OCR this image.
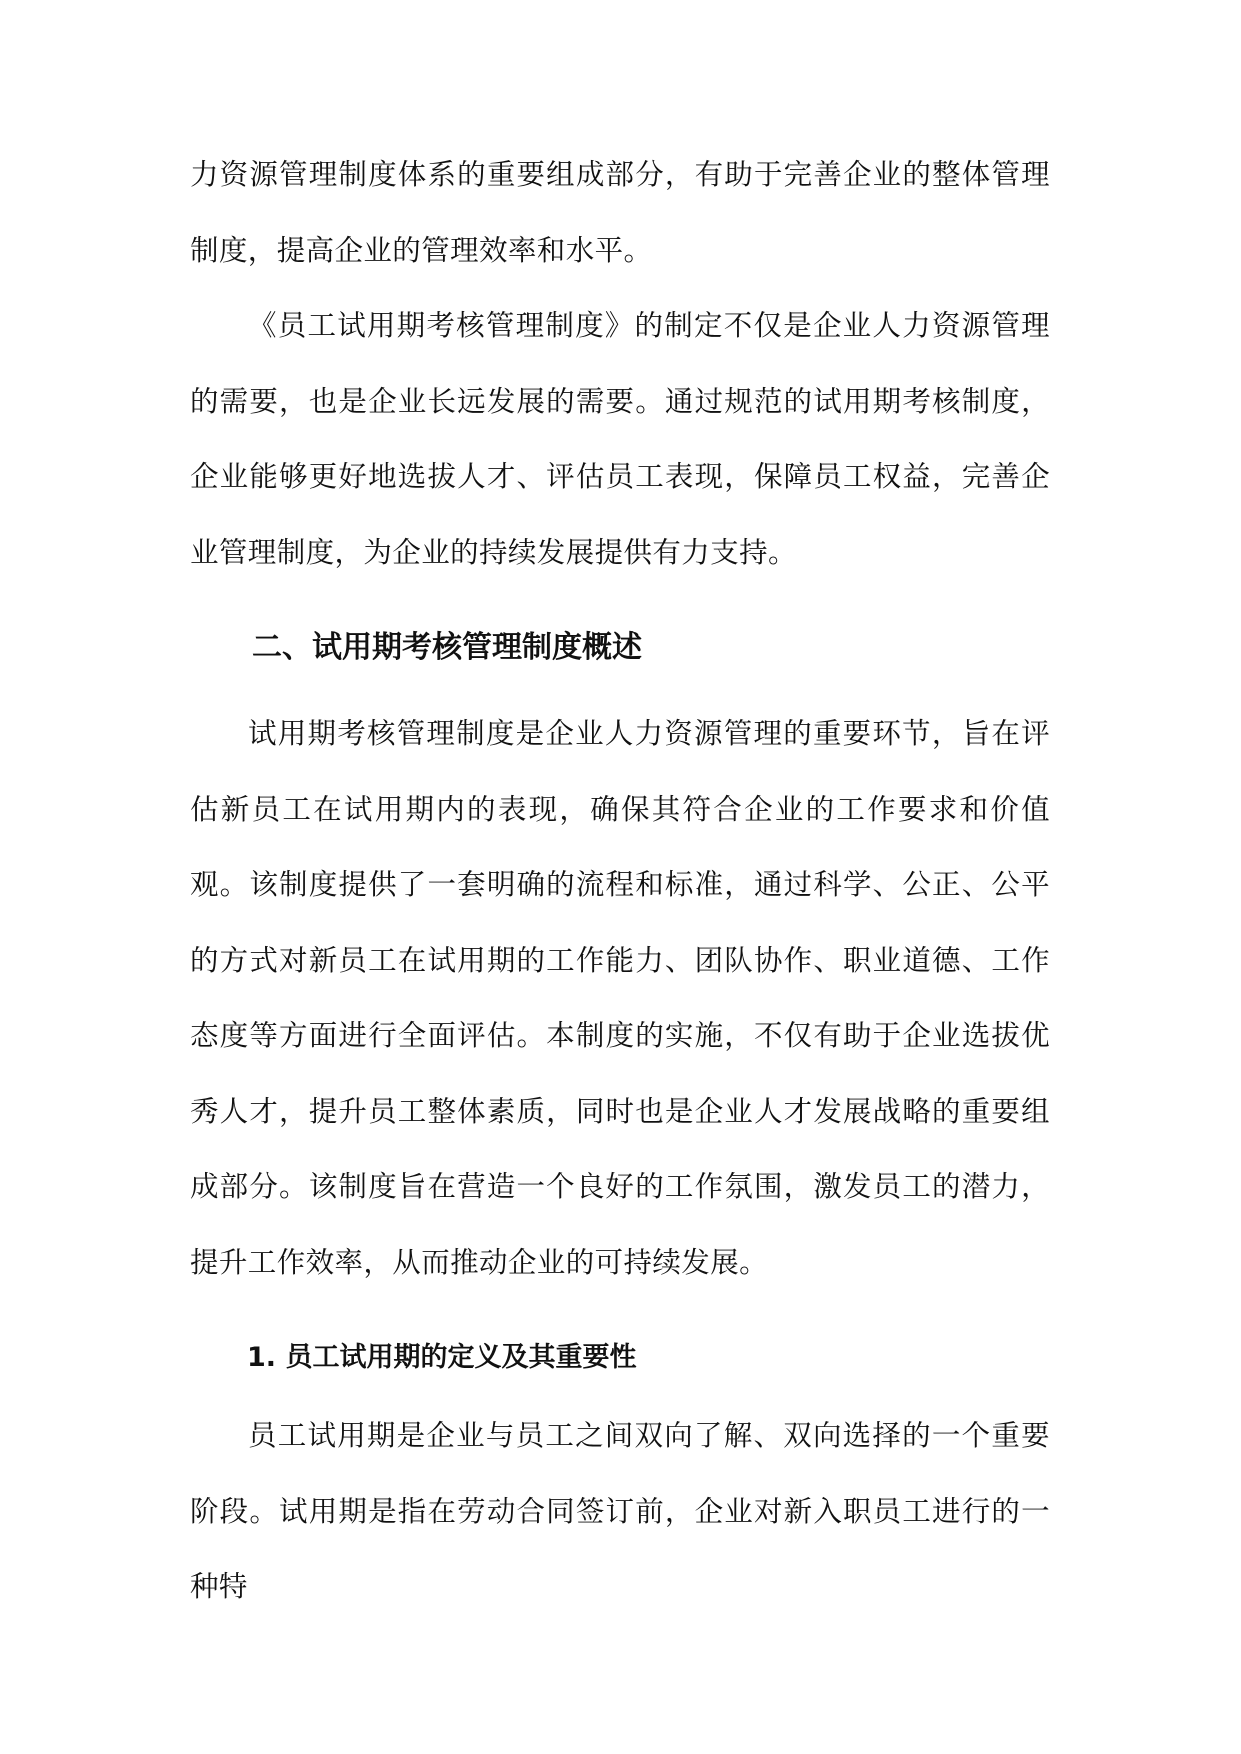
力资源管理制度体系的重要组成部分，有助于完善企业的整体管理制度，提高企业的管理效率和水平。

《员工试用期考核管理制度》的制定不仅是企业人力资源管理的需要，也是企业长远发展的需要。通过规范的试用期考核制度，企业能够更好地选拔人才、评估员工表现，保障员工权益，完善企业管理制度，为企业的持续发展提供有力支持。

二、试用期考核管理制度概述

试用期考核管理制度是企业人力资源管理的重要环节，旨在评估新员工在试用期内的表现，确保其符合企业的工作要求和价值观。该制度提供了一套明确的流程和标准，通过科学、公正、公平的方式对新员工在试用期的工作能力、团队协作、职业道德、工作态度等方面进行全面评估。本制度的实施，不仅有助于企业选拔优秀人才，提升员工整体素质，同时也是企业人才发展战略的重要组成部分。该制度旨在营造一个良好的工作氛围，激发员工的潜力，提升工作效率，从而推动企业的可持续发展。

1. 员工试用期的定义及其重要性

员工试用期是企业与员工之间双向了解、双向选择的一个重要阶段。试用期是指在劳动合同签订前，企业对新入职员工进行的一种特
